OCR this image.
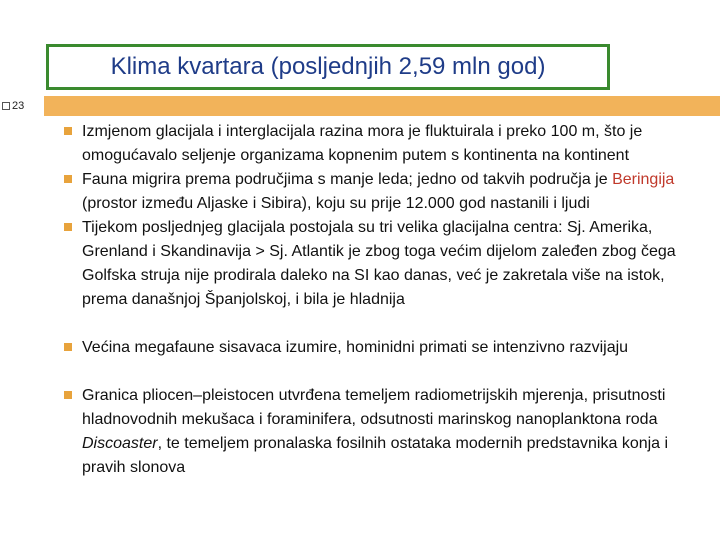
Klima kvartara (posljednjih 2,59 mln god)
23

Izmjenom glacijala i interglacijala razina mora je fluktuirala i preko 100 m, što je omogućavalo seljenje organizama kopnenim putem s kontinenta na kontinent

Fauna migrira prema područjima s manje leda; jedno od takvih područja je Beringija (prostor između Aljaske i Sibira), koju su prije 12.000 god nastanili i ljudi

Tijekom posljednjeg glacijala postojala su tri velika glacijalna centra: Sj. Amerika, Grenland i Skandinavija > Sj. Atlantik je zbog toga većim dijelom zaleđen zbog čega Golfska struja nije prodirala daleko na SI kao danas, već je zakretala više na istok, prema današnjoj Španjolskoj, i bila je hladnija

Većina megafaune sisavaca izumire, hominidni primati se intenzivno razvijaju

Granica pliocen–pleistocen utvrđena temeljem radiometrijskih mjerenja, prisutnosti hladnovodnih mekušaca i foraminifera, odsutnosti marinskog nanoplanktona roda Discoaster, te temeljem pronalaska fosilnih ostataka modernih predstavnika konja i pravih slonova
